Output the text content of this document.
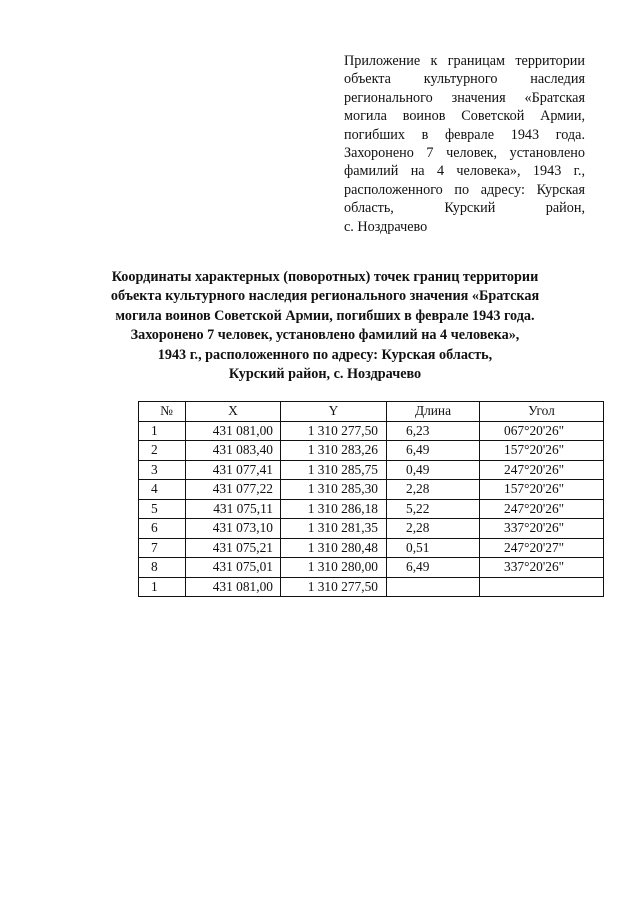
Приложение к границам территории
объекта культурного наследия
регионального значения «Братская
могила воинов Советской Армии,
погибших в феврале 1943 года.
Захоронено 7 человек, установлено
фамилий на 4 человека», 1943 г.,
расположенного по адресу: Курская
область, Курский район,
с. Ноздрачево
Координаты характерных (поворотных) точек границ территории
объекта культурного наследия регионального значения «Братская
могила воинов Советской Армии, погибших в феврале 1943 года.
Захоронено 7 человек, установлено фамилий на 4 человека»,
1943 г., расположенного по адресу: Курская область,
Курский район, с. Ноздрачево
№	X	Y	Длина	Угол
1	431 081,00	1 310 277,50	6,23	067°20'26"
2	431 083,40	1 310 283,26	6,49	157°20'26"
3	431 077,41	1 310 285,75	0,49	247°20'26"
4	431 077,22	1 310 285,30	2,28	157°20'26"
5	431 075,11	1 310 286,18	5,22	247°20'26"
6	431 073,10	1 310 281,35	2,28	337°20'26"
7	431 075,21	1 310 280,48	0,51	247°20'27"
8	431 075,01	1 310 280,00	6,49	337°20'26"
1	431 081,00	1 310 277,50		
